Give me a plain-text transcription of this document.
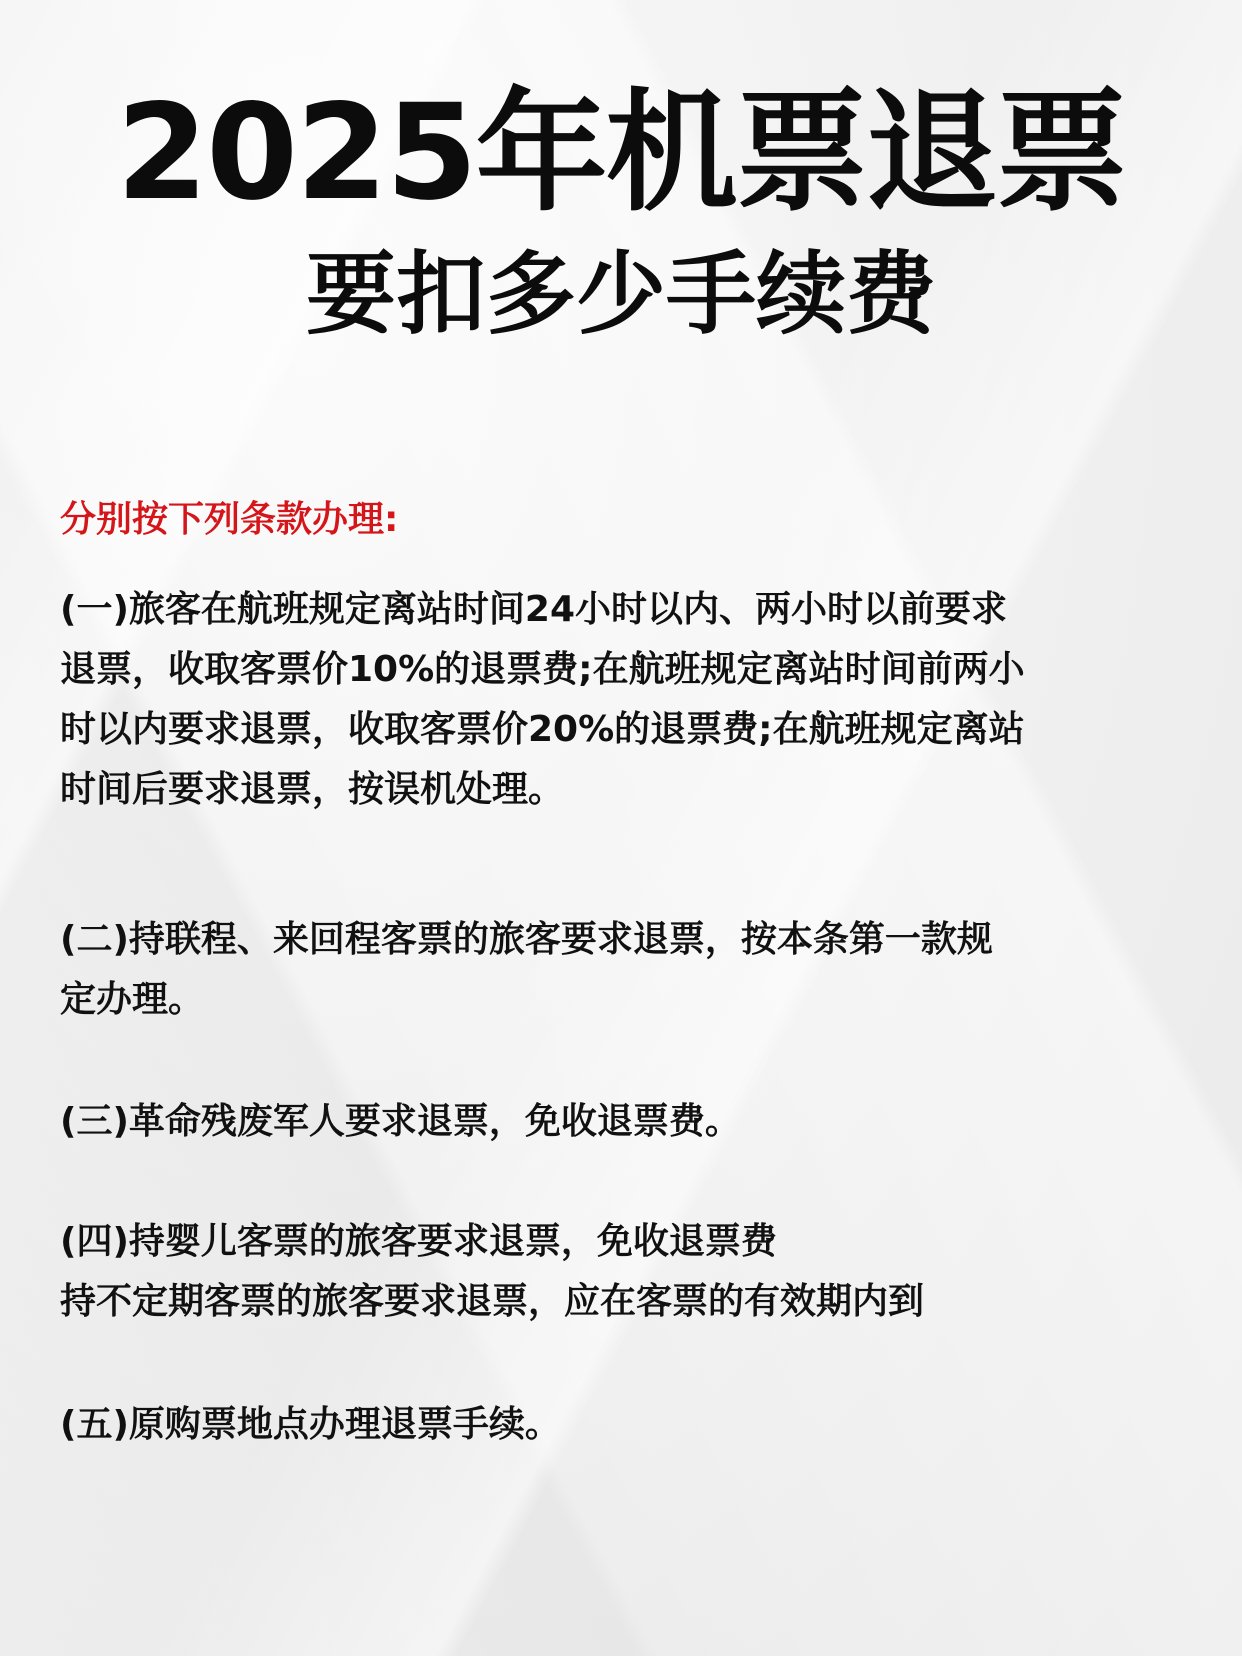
2025年机票退票
要扣多少手续费
分别按下列条款办理:
(一)旅客在航班规定离站时间24小时以内、两小时以前要求
退票，收取客票价10%的退票费;在航班规定离站时间前两小
时以内要求退票，收取客票价20%的退票费;在航班规定离站
时间后要求退票，按误机处理。
(二)持联程、来回程客票的旅客要求退票，按本条第一款规
定办理。
(三)革命残废军人要求退票，免收退票费。
(四)持婴儿客票的旅客要求退票，免收退票费
持不定期客票的旅客要求退票，应在客票的有效期内到
(五)原购票地点办理退票手续。
